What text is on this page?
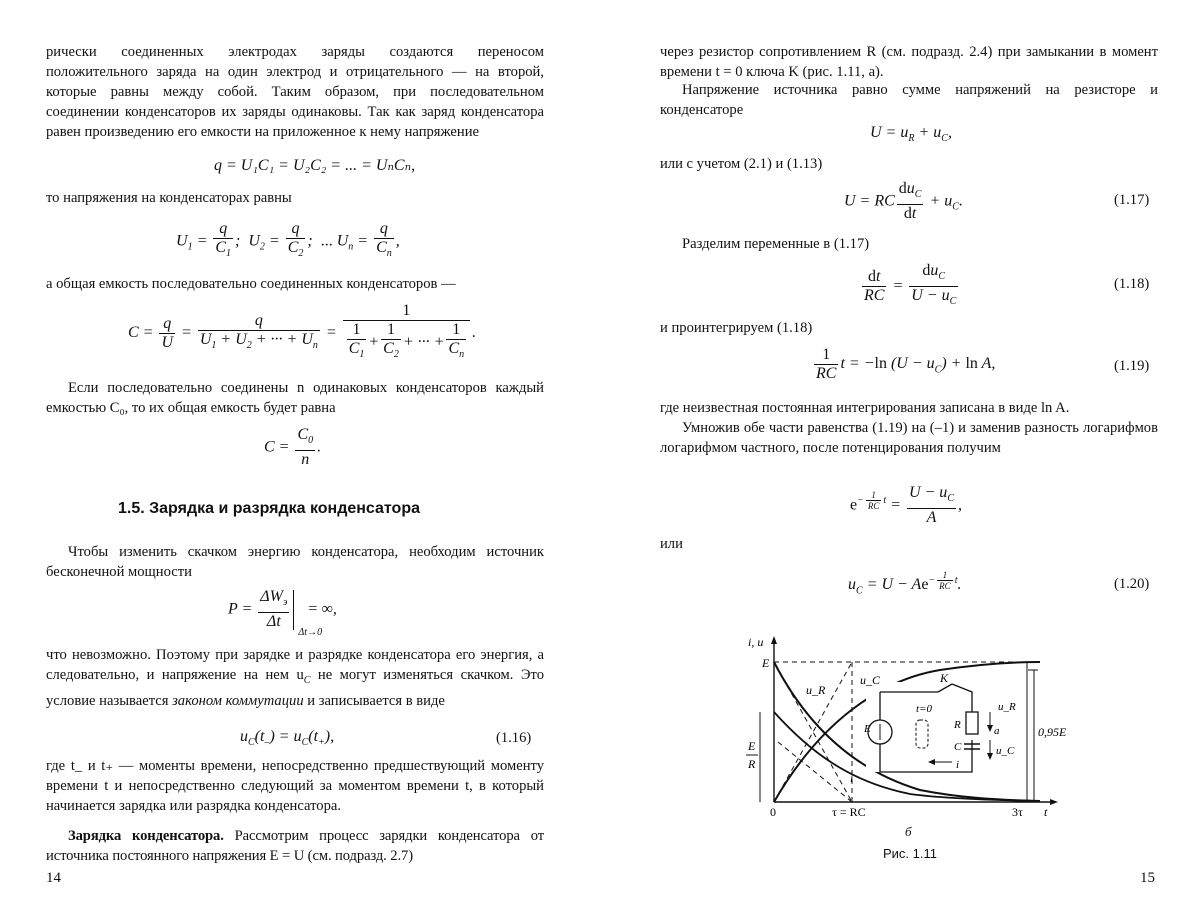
рически соединенных электродах заряды создаются переносом положительного заряда на один электрод и отрицательного — на второй, которые равны между собой. Таким образом, при последовательном соединении конденсаторов их заряды одинаковы. Так как заряд конденсатора равен произведению его емкости на приложенное к нему напряжение

q = U₁C₁ = U₂C₂ = ... = UₙCₙ,

то напряжения на конденсаторах равны

$U_1 = \frac{q}{C_1}$ ;  $U_2 = \frac{q}{C_2}$ ;  ... $U_n = \frac{q}{C_n}$ ,

а общая емкость последовательно соединенных конденсаторов —

$C = \frac{q}{U} = \frac{q}{U_1 + U_2 + \cdot\cdot\cdot + U_n} = \frac{1}{\frac{1}{C_1} + \frac{1}{C_2} + \cdot\cdot\cdot + \frac{1}{C_n}}$ .

Если последовательно соединены n одинаковых конденсаторов каждый емкостью C₀, то их общая емкость будет равна

$C = \frac{C_0}{n}$ .
1.5. Зарядка и разрядка конденсатора

Чтобы изменить скачком энергию конденсатора, необходим источник бесконечной мощности

$P = \frac{\Delta W_э}{\Delta t}$
Δt→0
= ∞,

что невозможно. Поэтому при зарядке и разрядке конденсатора его энергия, а следовательно, и напряжение на нем $u_C$ не могут изменяться скачком. Это условие называется законом коммутации и записывается в виде

$u_C(t_-) = u_C(t_+)$,	(1.16)

где t_ и t₊ — моменты времени, непосредственно предшествующий моменту времени t и непосредственно следующий за моментом времени t, в который начинается зарядка или разрядка конденсатора.

Зарядка конденсатора. Рассмотрим процесс зарядки конденсатора от источника постоянного напряжения E = U (см. подразд. 2.7)

14

через резистор сопротивлением R (см. подразд. 2.4) при замыкании в момент времени t = 0 ключа K (рис. 1.11, а).

Напряжение источника равно сумме напряжений на резисторе и конденсаторе

$U = u_R + u_C$,

или с учетом (2.1) и (1.13)

U = RC $\frac{du_C}{dt} + u_C$.	(1.17)

Разделим переменные в (1.17)

$\frac{dt}{RC} = \frac{du_C}{U - u_C}$	(1.18)

и проинтегрируем (1.18)

$\frac{1}{RC}$ t = −ln $(U - u_C) + \ln A$,	(1.19)

где неизвестная постоянная интегрирования записана в виде ln A.

Умножив обе части равенства (1.19) на (–1) и заменив разность логарифмов логарифмом частного, после потенцирования получим

$e^{- \frac{1}{RC} t} = \frac{U - u_C}{A}$ ,

или

$u_C = U - Ae^{- \frac{1}{RC} t}$.	(1.20)
15
i, u
t
E
E
R
u_R
u_C
i
0	τ = RC	3τ
0,95E
K
t=0
R
C
u_R
u_C
а
i
E
б
Рис. 1.11
